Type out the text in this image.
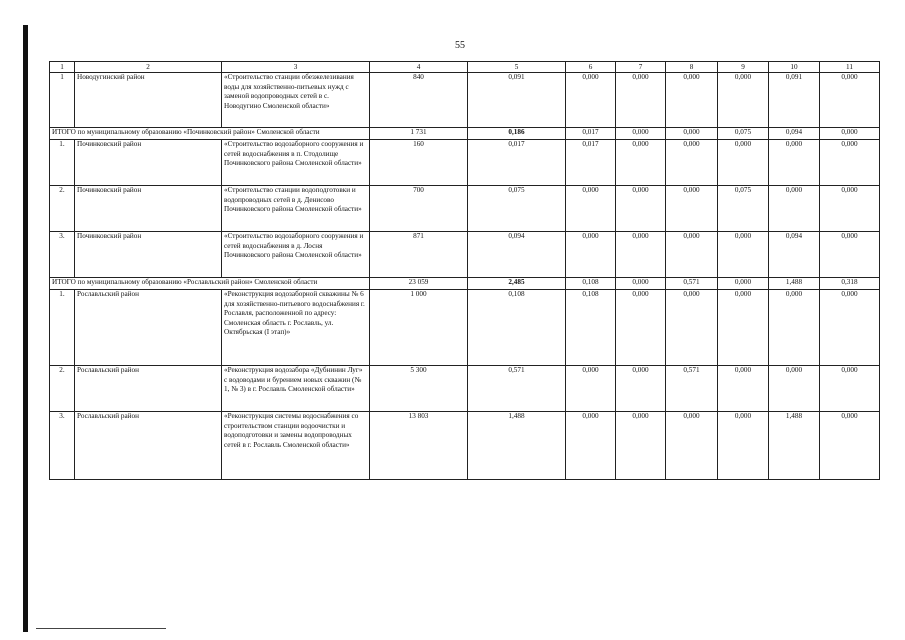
55
1	2	3	4	5	6	7	8	9	10	11
1	Новодугинский район	«Строительство станции обезжелезивания воды для хозяйственно-питьевых нужд с заменой водопроводных сетей в с. Новодугино Смоленской области»	840	0,091	0,000	0,000	0,000	0,000	0,091	0,000
ИТОГО по муниципальному образованию «Починковский район» Смоленской области			1 731	0,186	0,017	0,000	0,000	0,075	0,094	0,000
1.	Починковский район	«Строительство водозаборного сооружения и сетей водоснабжения в п. Стодолище Починковского района Смоленской области»	160	0,017	0,017	0,000	0,000	0,000	0,000	0,000
2.	Починковский район	«Строительство станции водоподготовки и водопроводных сетей в д. Денисово Починковского района Смоленской области»	700	0,075	0,000	0,000	0,000	0,075	0,000	0,000
3.	Починковский район	«Строительство водозаборного сооружения и сетей водоснабжения в д. Лосня Починковского района Смоленской области»	871	0,094	0,000	0,000	0,000	0,000	0,094	0,000
ИТОГО по муниципальному образованию «Рославльский район» Смоленской области			23 059	2,485	0,108	0,000	0,571	0,000	1,488	0,318
1.	Рославльский район	«Реконструкция водозаборной скважины № 6 для хозяйственно-питьевого водоснабжения г. Рославля, расположенной по адресу: Смоленская область г. Рославль, ул. Октябрьская (I этап)»	1 000	0,108	0,108	0,000	0,000	0,000	0,000	0,000
2.	Рославльский район	«Реконструкция водозабора «Дубнинин Луг» с водоводами и бурением новых скважин (№ 1, № 3) в г. Рославль Смоленской области»	5 300	0,571	0,000	0,000	0,571	0,000	0,000	0,000
3.	Рославльский район	«Реконструкция системы водоснабжения со строительством станции водоочистки и водоподготовки и замены водопроводных сетей в г. Рославль Смоленской области»	13 803	1,488	0,000	0,000	0,000	0,000	1,488	0,000
